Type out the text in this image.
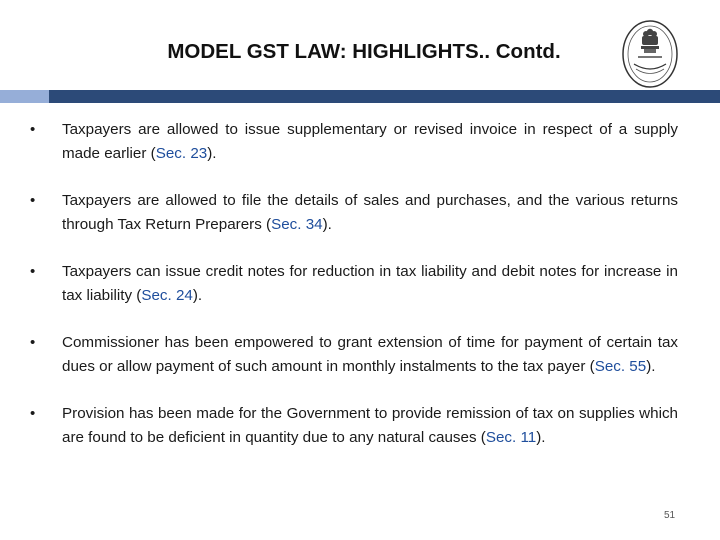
MODEL GST LAW: HIGHLIGHTS.. Contd.
•	Taxpayers are allowed to issue supplementary or revised invoice in respect of a supply made earlier (Sec. 23).
•	Taxpayers are allowed to file the details of sales and purchases, and the various returns through Tax Return Preparers (Sec. 34).
•	Taxpayers can issue credit notes for reduction in tax liability and debit notes for increase in tax liability (Sec. 24).
•	Commissioner has been empowered to grant extension of time for payment of certain tax dues or allow payment of such amount in monthly instalments to the tax payer (Sec. 55).
•	Provision has been made for the Government to provide remission of tax on supplies which are found to be deficient in quantity due to any natural causes (Sec. 11).
51
